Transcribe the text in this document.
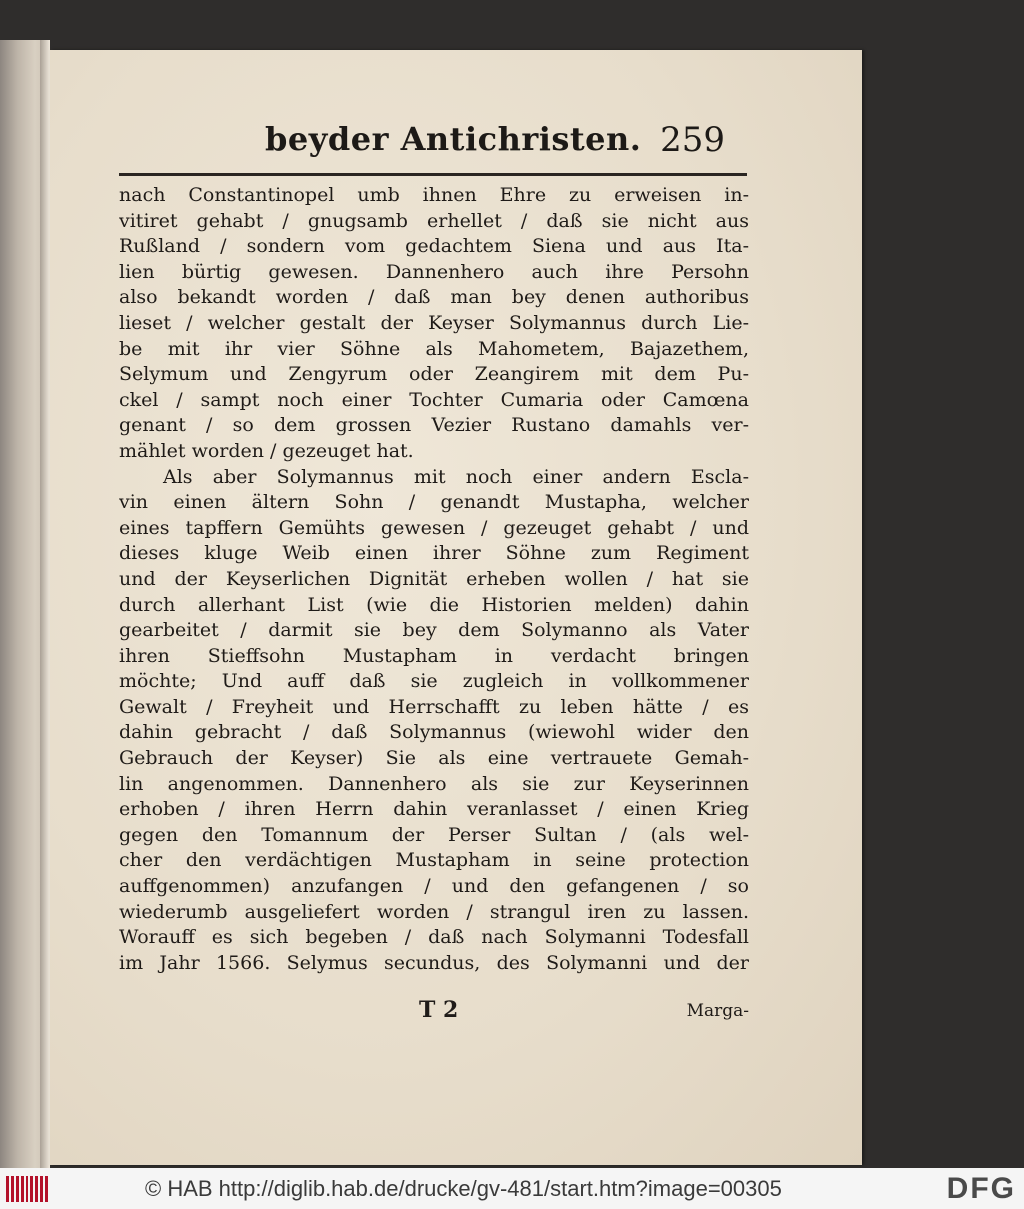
beyder Antichristen. 259
nach Constantinopel umb ihnen Ehre zu erweisen in-
vitiret gehabt / gnugsamb erhellet / daß sie nicht aus
Rußland / sondern vom gedachtem Siena und aus Ita-
lien bürtig gewesen. Dannenhero auch ihre Persohn
also bekandt worden / daß man bey denen authoribus
lieset / welcher gestalt der Keyser Solymannus durch Lie-
be mit ihr vier Söhne als Mahometem, Bajazethem,
Selymum und Zengyrum oder Zeangirem mit dem Pu-
ckel / sampt noch einer Tochter Cumaria oder Camœna
genant / so dem grossen Vezier Rustano damahls ver-
mählet worden / gezeuget hat.
Als aber Solymannus mit noch einer andern Escla-
vin einen ältern Sohn / genandt Mustapha, welcher
eines tapffern Gemühts gewesen / gezeuget gehabt / und
dieses kluge Weib einen ihrer Söhne zum Regiment
und der Keyserlichen Dignität erheben wollen / hat sie
durch allerhant List (wie die Historien melden) dahin
gearbeitet / darmit sie bey dem Solymanno als Vater
ihren Stieffsohn Mustapham in verdacht bringen
möchte; Und auff daß sie zugleich in vollkommener
Gewalt / Freyheit und Herrschafft zu leben hätte / es
dahin gebracht / daß Solymannus (wiewohl wider den
Gebrauch der Keyser) Sie als eine vertrauete Gemah-
lin angenommen. Dannenhero als sie zur Keyserinnen
erhoben / ihren Herrn dahin veranlasset / einen Krieg
gegen den Tomannum der Perser Sultan / (als wel-
cher den verdächtigen Mustapham in seine protection
auffgenommen) anzufangen / und den gefangenen / so
wiederumb ausgeliefert worden / strangul iren zu lassen.
Worauff es sich begeben / daß nach Solymanni Todesfall
im Jahr 1566. Selymus secundus, des Solymanni und der
T 2	Marga-
© HAB http://diglib.hab.de/drucke/gv-481/start.htm?image=00305	DFG
